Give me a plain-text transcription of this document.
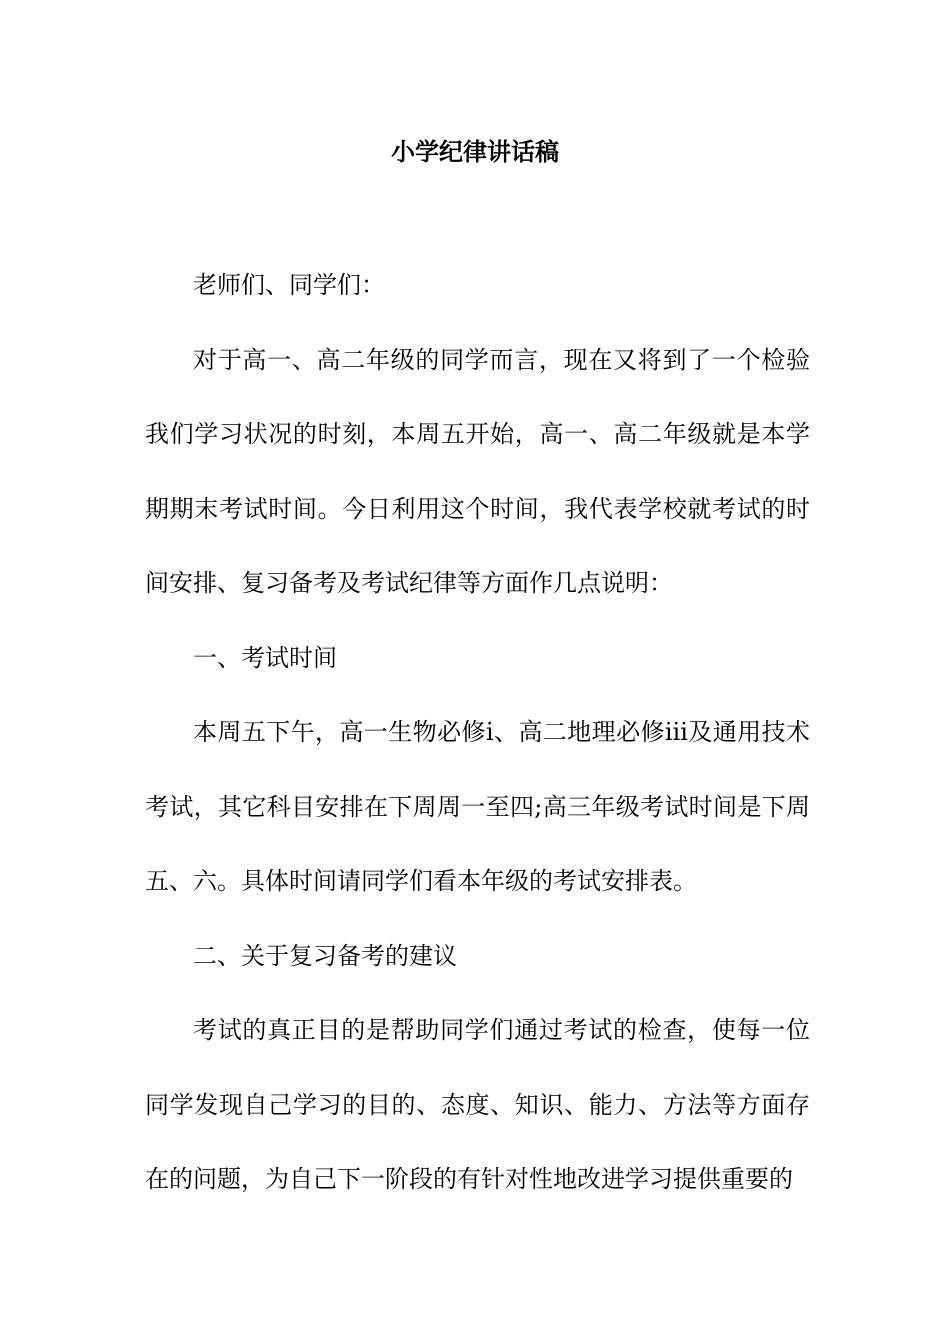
小学纪律讲话稿

老师们、同学们：

对于高一、高二年级的同学而言，现在又将到了一个检验我们学习状况的时刻，本周五开始，高一、高二年级就是本学期期末考试时间。今日利用这个时间，我代表学校就考试的时间安排、复习备考及考试纪律等方面作几点说明：

一、考试时间

本周五下午，高一生物必修ⅰ、高二地理必修ⅲ及通用技术考试，其它科目安排在下周周一至四;高三年级考试时间是下周五、六。具体时间请同学们看本年级的考试安排表。

二、关于复习备考的建议

考试的真正目的是帮助同学们通过考试的检查，使每一位同学发现自己学习的目的、态度、知识、能力、方法等方面存在的问题，为自己下一阶段的有针对性地改进学习提供重要的
